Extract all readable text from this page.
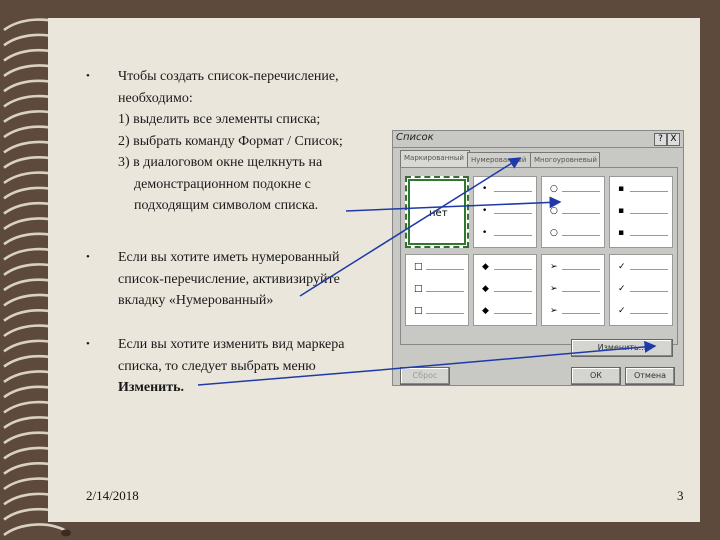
• Чтобы создать список-перечисление,
необходимо:
1) выделить все элементы списка;
2) выбрать команду Формат / Список;
3) в диалоговом окне щелкнуть на
демонстрационном подокне с
подходящим символом списка.
• Если вы хотите иметь нумерованный
список-перечисление, активизируйте
вкладку «Нумерованный»
• Если вы хотите изменить вид маркера
списка, то следует выбрать меню
Изменить.
Список	? X
Маркированный	Нумерованный	Многоуровневый
нет
•
•
•
○
○
○
▪
▪
▪
□
□
□
◆
◆
◆
➢
➢
➢
✓
✓
✓
Изменить...
Сброс	ОК	Отмена
2/14/2018	3
